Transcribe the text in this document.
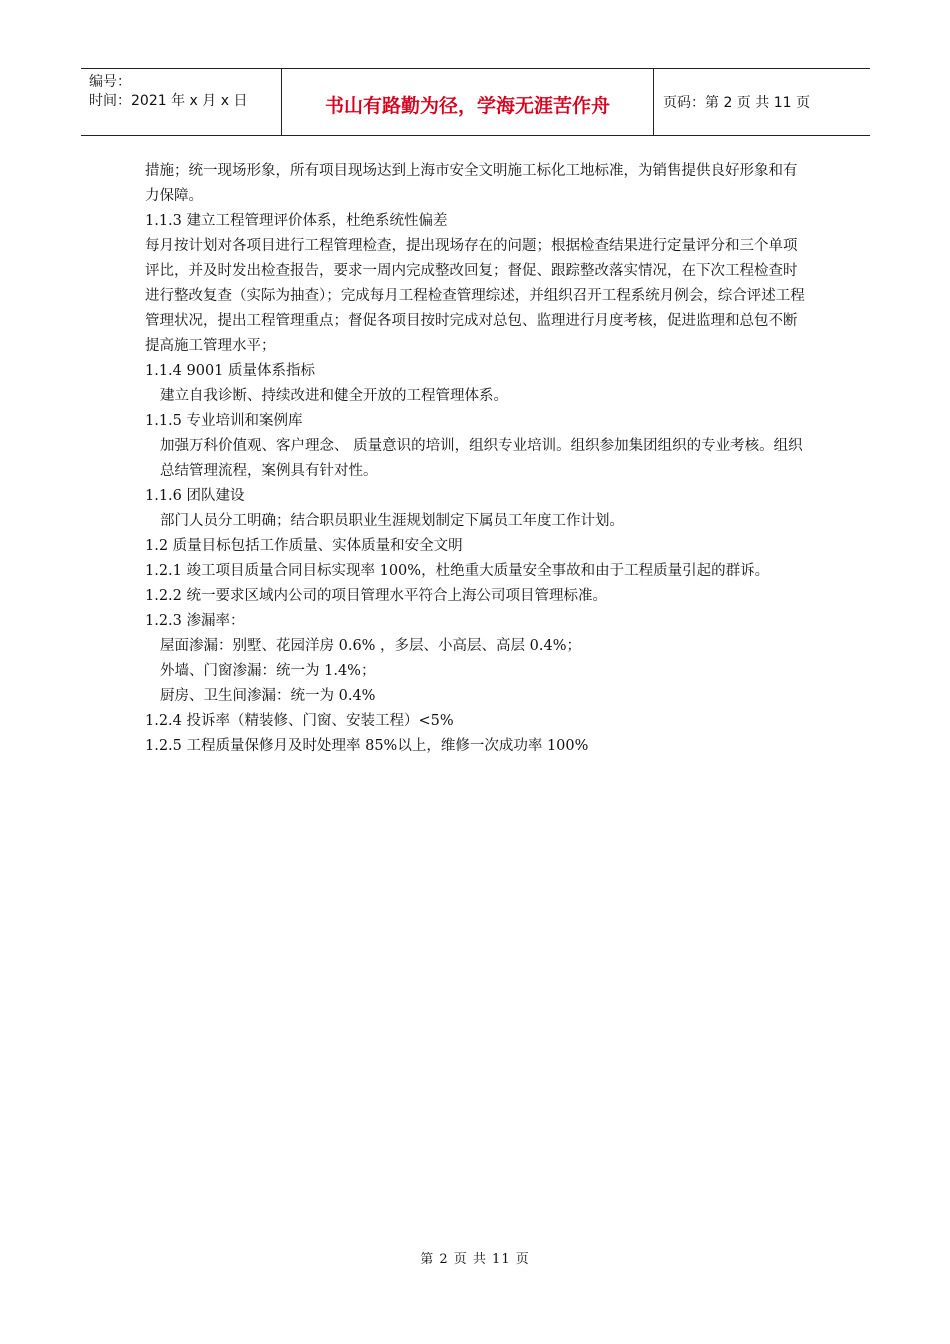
编号：
时间：2021 年 x 月 x 日	书山有路勤为径，学海无涯苦作舟	页码：第 2 页 共 11 页

措施；统一现场形象，所有项目现场达到上海市安全文明施工标化工地标准，为销售提供良好形象和有力保障。

1.1.3 建立工程管理评价体系，杜绝系统性偏差

每月按计划对各项目进行工程管理检查，提出现场存在的问题；根据检查结果进行定量评分和三个单项评比，并及时发出检查报告，要求一周内完成整改回复；督促、跟踪整改落实情况，在下次工程检查时进行整改复查（实际为抽查）；完成每月工程检查管理综述，并组织召开工程系统月例会，综合评述工程管理状况，提出工程管理重点；督促各项目按时完成对总包、监理进行月度考核，促进监理和总包不断提高施工管理水平；

1.1.4 9001 质量体系指标

建立自我诊断、持续改进和健全开放的工程管理体系。

1.1.5 专业培训和案例库

加强万科价值观、客户理念、 质量意识的培训，组织专业培训。组织参加集团组织的专业考核。组织总结管理流程，案例具有针对性。

1.1.6 团队建设

部门人员分工明确；结合职员职业生涯规划制定下属员工年度工作计划。

1.2 质量目标包括工作质量、实体质量和安全文明

1.2.1 竣工项目质量合同目标实现率 100%，杜绝重大质量安全事故和由于工程质量引起的群诉。

1.2.2 统一要求区域内公司的项目管理水平符合上海公司项目管理标准。

1.2.3 渗漏率：

屋面渗漏：别墅、花园洋房 0.6% ，多层、小高层、高层 0.4%；

外墙、门窗渗漏：统一为 1.4%；

厨房、卫生间渗漏：统一为 0.4%

1.2.4 投诉率（精装修、门窗、安装工程）<5%

1.2.5 工程质量保修月及时处理率 85%以上，维修一次成功率 100%

第 2 页 共 11 页
